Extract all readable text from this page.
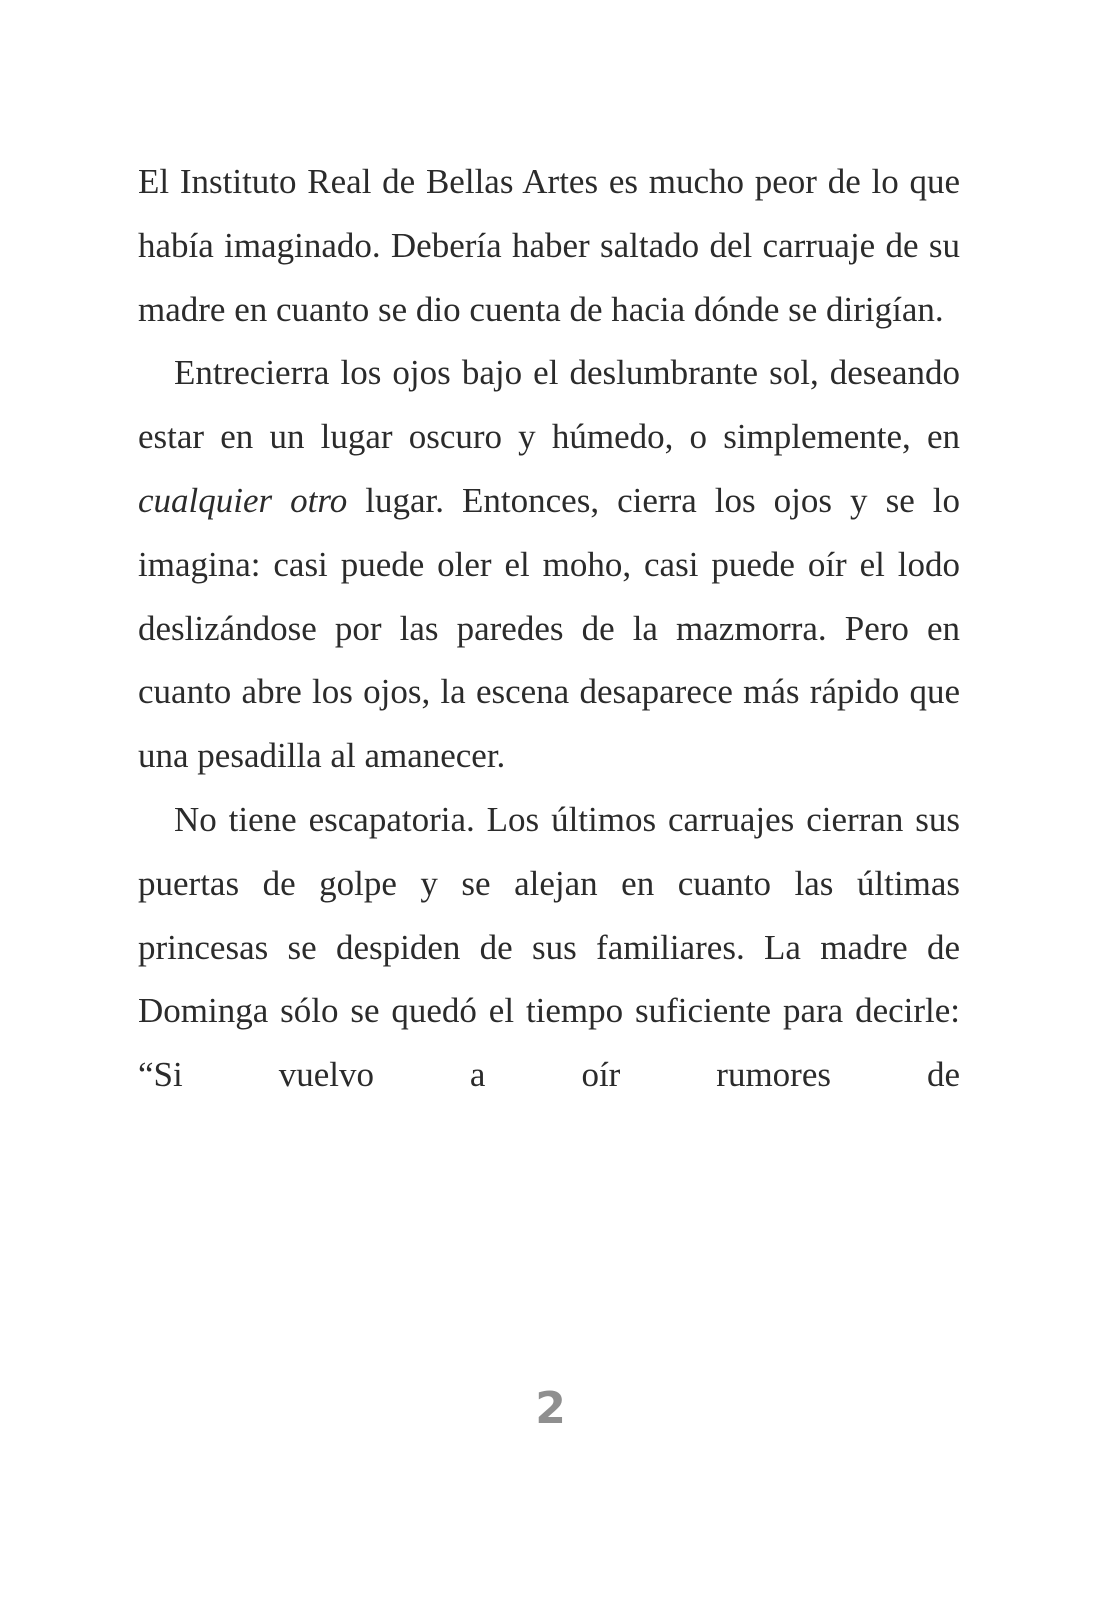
El Instituto Real de Bellas Artes es mucho peor de lo que había imaginado. Debería haber saltado del carruaje de su madre en cuanto se dio cuenta de hacia dónde se dirigían.

Entrecierra los ojos bajo el deslumbrante sol, deseando estar en un lugar oscuro y húmedo, o simplemente, en cualquier otro lugar. Entonces, cierra los ojos y se lo imagina: casi puede oler el moho, casi puede oír el lodo deslizándose por las paredes de la mazmorra. Pero en cuanto abre los ojos, la escena desaparece más rápido que una pesadilla al amanecer.

No tiene escapatoria. Los últimos carruajes cierran sus puertas de golpe y se alejan en cuanto las últimas princesas se despiden de sus familiares. La madre de Dominga sólo se quedó el tiempo suficiente para decirle: “Si vuelvo a oír rumores de

2
